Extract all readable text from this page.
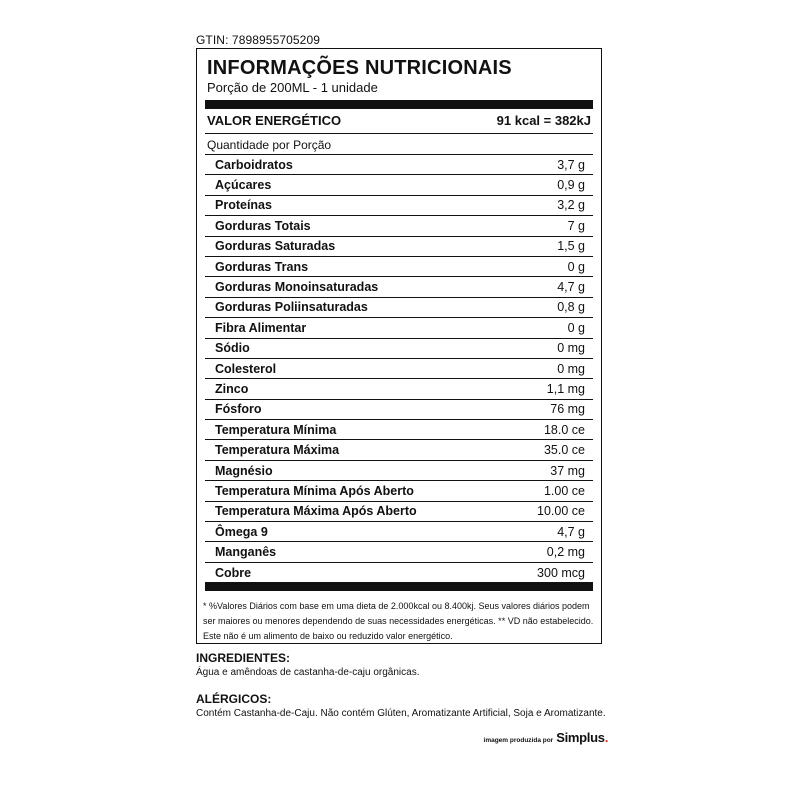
GTIN: 7898955705209
INFORMAÇÕES NUTRICIONAIS
Porção de 200ML - 1 unidade
VALOR ENERGÉTICO	91 kcal = 382kJ
Quantidade por Porção
Carboidratos	3,7 g
Açúcares	0,9 g
Proteínas	3,2 g
Gorduras Totais	7 g
Gorduras Saturadas	1,5 g
Gorduras Trans	0 g
Gorduras Monoinsaturadas	4,7 g
Gorduras Poliinsaturadas	0,8 g
Fibra Alimentar	0 g
Sódio	0 mg
Colesterol	0 mg
Zinco	1,1 mg
Fósforo	76 mg
Temperatura Mínima	18.0 ce
Temperatura Máxima	35.0 ce
Magnésio	37 mg
Temperatura Mínima Após Aberto	1.00 ce
Temperatura Máxima Após Aberto	10.00 ce
Ômega 9	4,7 g
Manganês	0,2 mg
Cobre	300 mcg
* %Valores Diários com base em uma dieta de 2.000kcal ou 8.400kj. Seus valores diários podem ser maiores ou menores dependendo de suas necessidades energéticas. ** VD não estabelecido.
Este não é um alimento de baixo ou reduzido valor energético.
INGREDIENTES:
Água e amêndoas de castanha-de-caju orgânicas.
ALÉRGICOS:
Contém Castanha-de-Caju. Não contém Glúten, Aromatizante Artificial, Soja e Aromatizante.
imagem produzida por Simplus.
